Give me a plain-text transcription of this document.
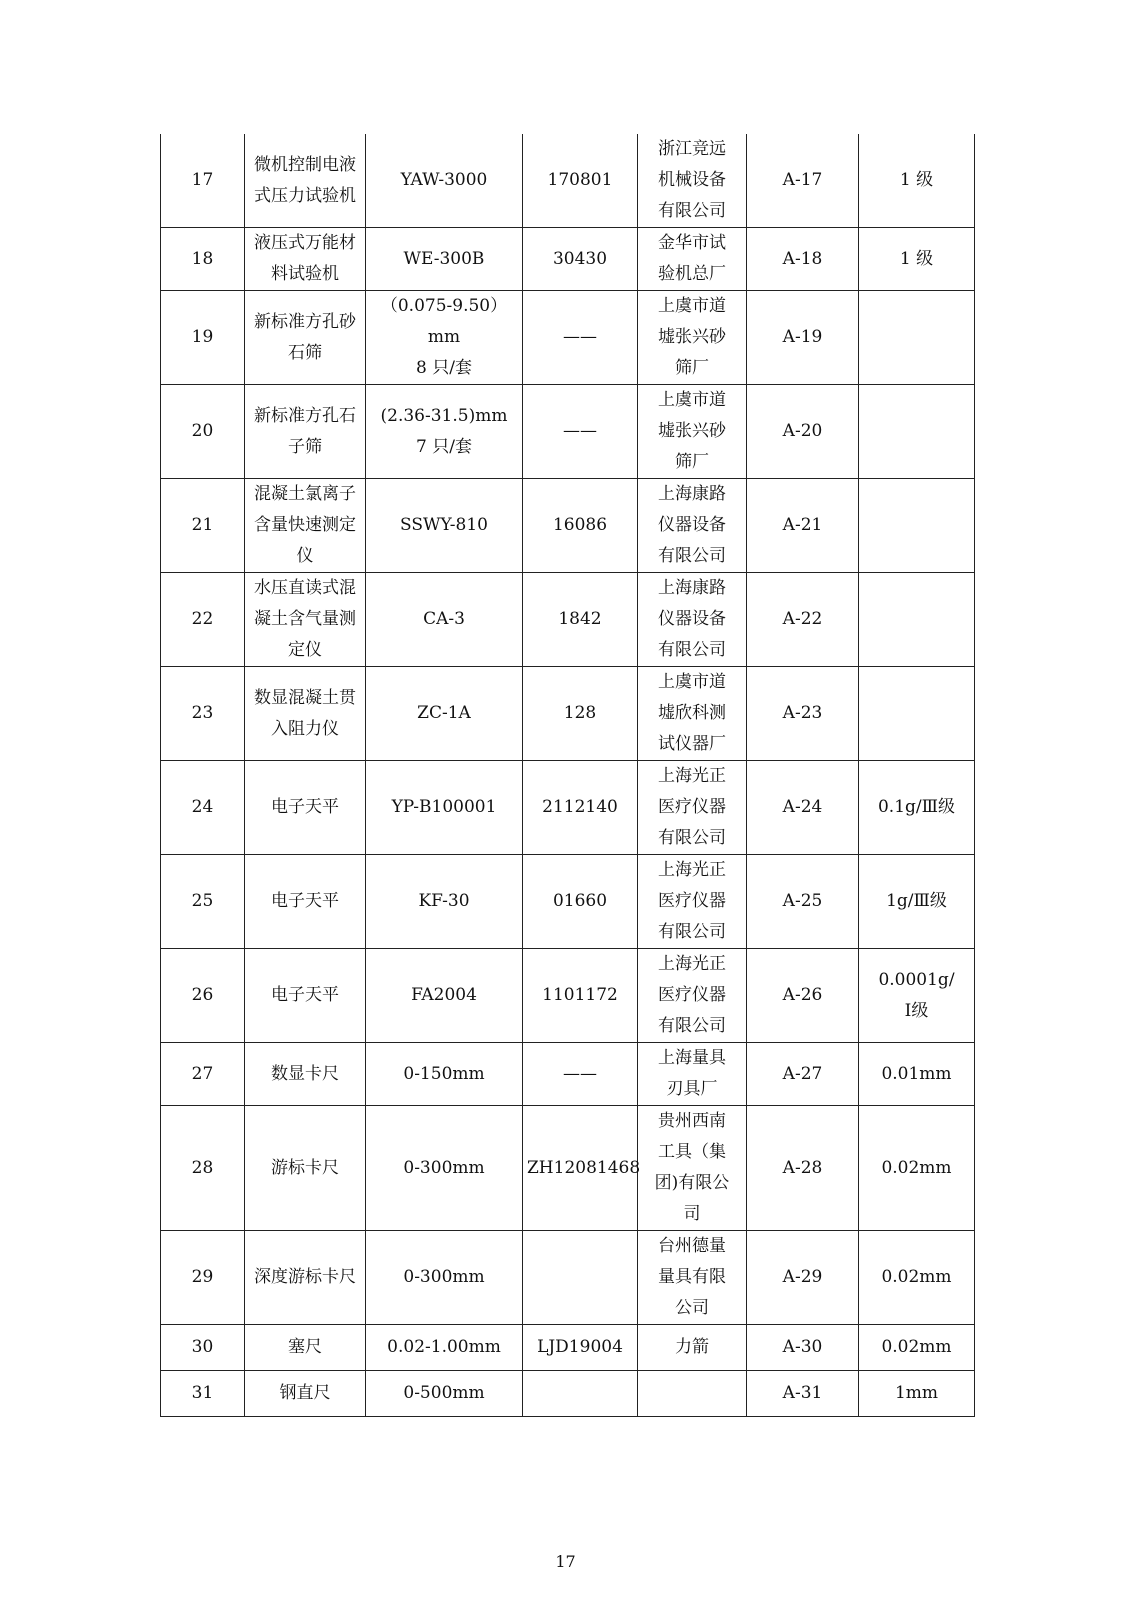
17	微机控制电液
式压力试验机	YAW-3000	170801	浙江竞远
机械设备
有限公司	A-17	1 级

18	液压式万能材
料试验机	WE-300B	30430	金华市试
验机总厂	A-18	1 级

19	新标准方孔砂
石筛	（0.075-9.50）
mm
8 只/套	——	上虞市道
墟张兴砂
筛厂	A-19	
20	新标准方孔石
子筛	(2.36-31.5)mm
7 只/套	——	上虞市道
墟张兴砂
筛厂	A-20	
21	混凝土氯离子
含量快速测定
仪	SSWY-810	16086	上海康路
仪器设备
有限公司	A-21	
22	水压直读式混
凝土含气量测
定仪	CA-3	1842	上海康路
仪器设备
有限公司	A-22	
23	数显混凝土贯
入阻力仪	ZC-1A	128	上虞市道
墟欣科测
试仪器厂	A-23	
24	电子天平	YP-B100001	2112140	上海光正
医疗仪器
有限公司	A-24	0.1g/Ⅲ级

25	电子天平	KF-30	01660	上海光正
医疗仪器
有限公司	A-25	1g/Ⅲ级

26	电子天平	FA2004	1101172	上海光正
医疗仪器
有限公司	A-26	0.0001g/
Ⅰ级

27	数显卡尺	0-150mm	——	上海量具
刃具厂	A-27	0.01mm

28	游标卡尺	0-300mm	ZH12081468	贵州西南
工具（集
团)有限公
司	A-28	0.02mm

29	深度游标卡尺	0-300mm		台州德量
量具有限
公司	A-29	0.02mm

30	塞尺	0.02-1.00mm	LJD19004	力箭	A-30	0.02mm

31	钢直尺	0-500mm			A-31	1mm
17
